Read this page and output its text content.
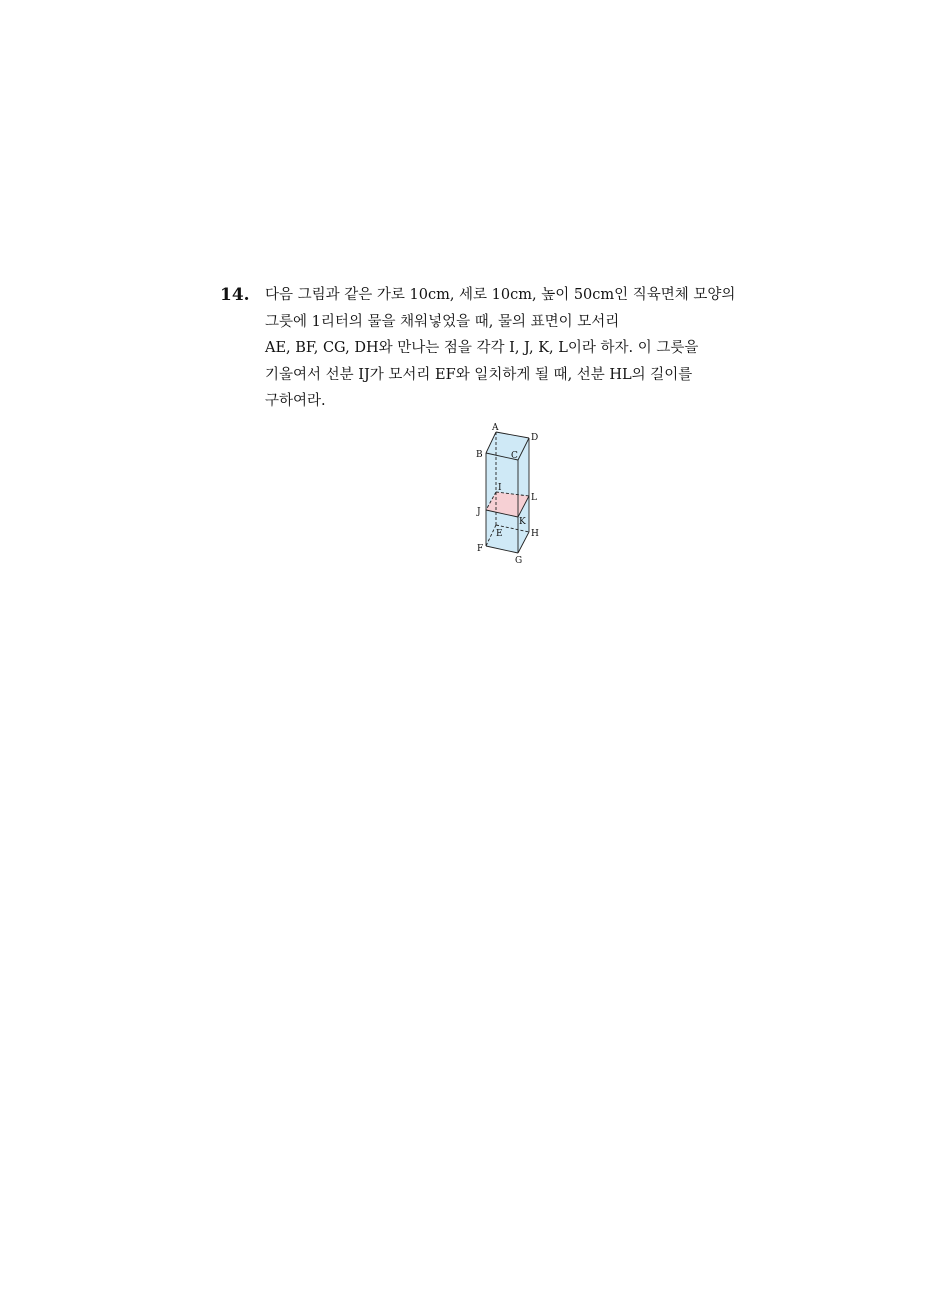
14. 다음 그림과 같은 가로 10cm, 세로 10cm, 높이 50cm인 직육면체 모양의
그릇에 1리터의 물을 채워넣었을 때, 물의 표면이 모서리
AE, BF, CG, DH와 만나는 점을 각각 I, J, K, L이라 하자. 이 그릇을
기울여서 선분 IJ가 모서리 EF와 일치하게 될 때, 선분 HL의 길이를
구하여라.
A
D
B	C
I
L
J
K
E	H
F
G
